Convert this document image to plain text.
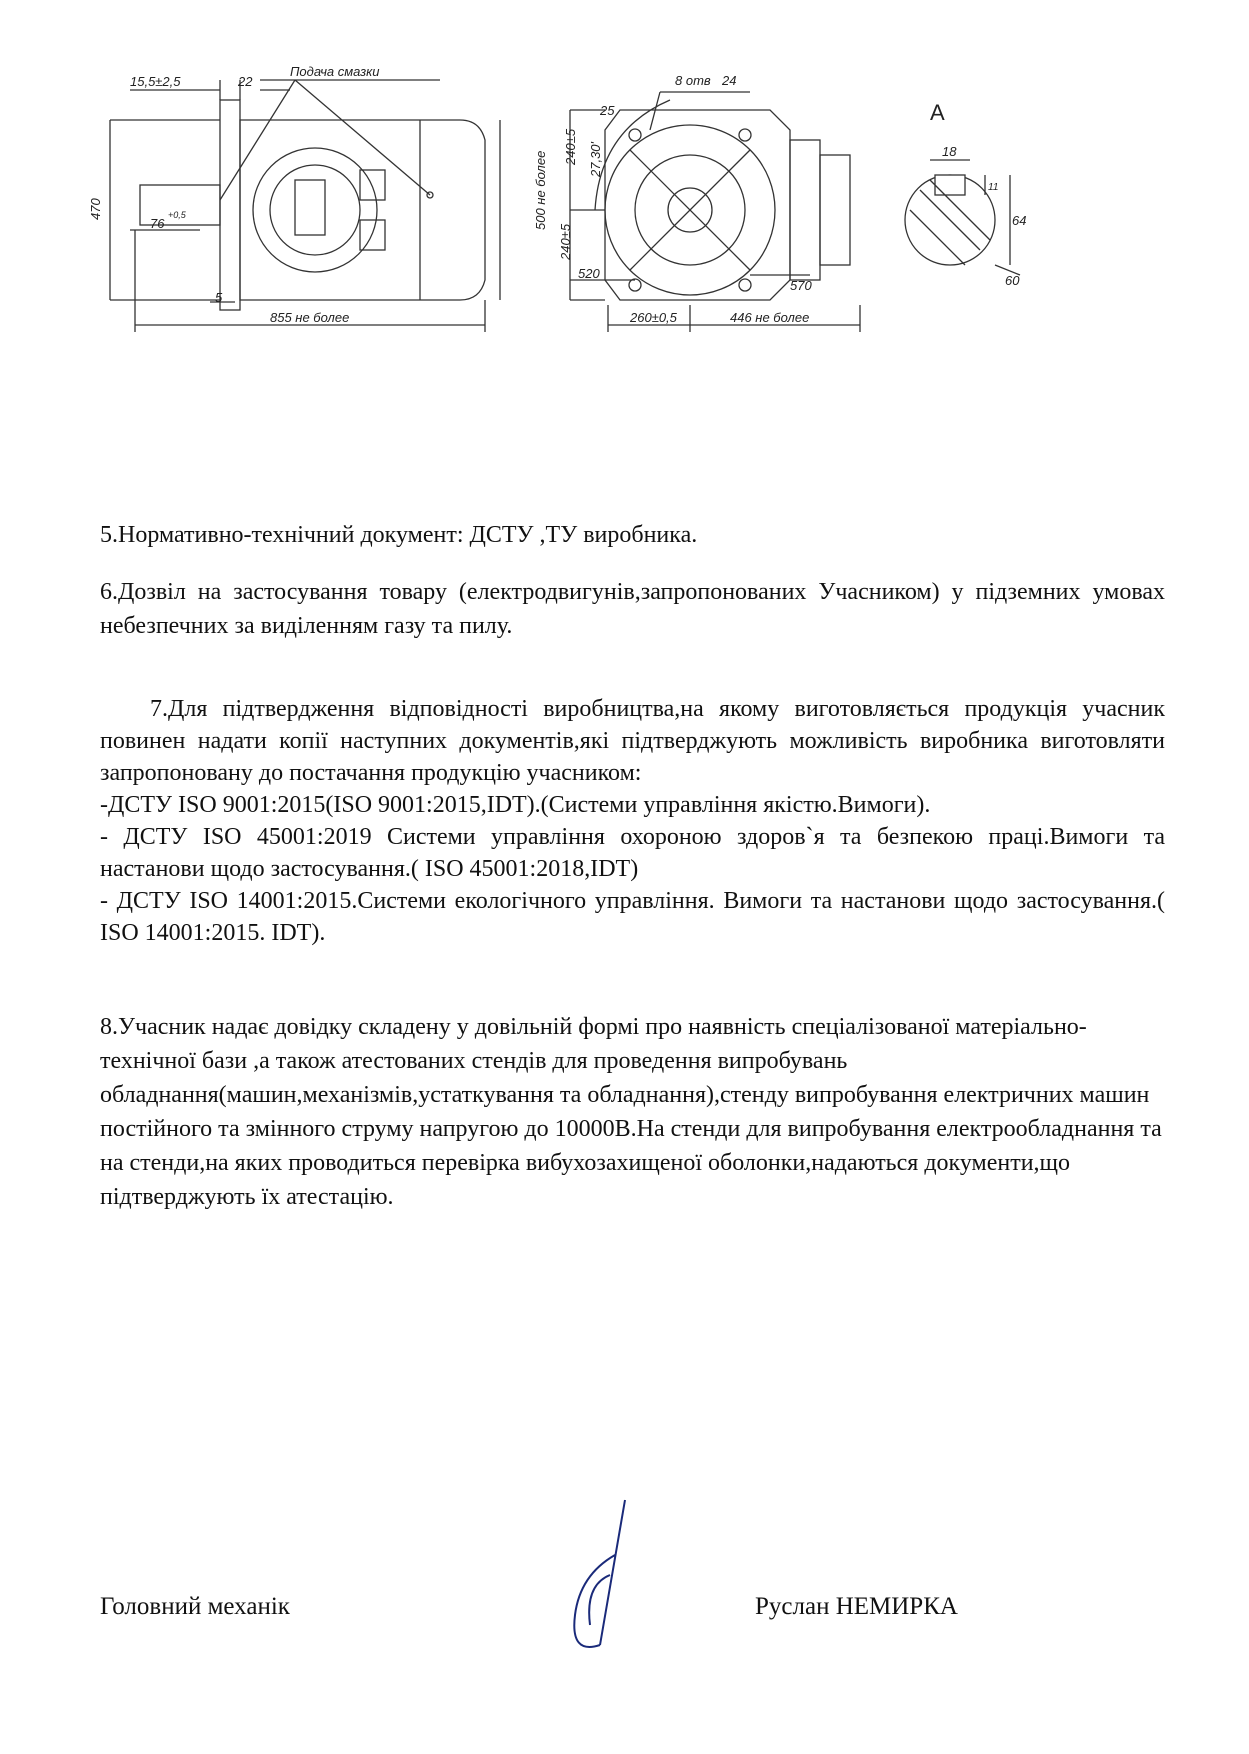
15,5±2,5	22
Подача смазки
470
76
+0,5	500 не более
5
855 не более
8 отв 24
25
27,30'
240±5
240±5
520
570
260±0,5	446 не более
А
18
11
64
60

5.Нормативно-технічний документ: ДСТУ ,ТУ виробника.

6.Дозвіл на застосування товару (електродвигунів,запропонованих Учасником) у підземних умовах небезпечних за виділенням газу та пилу.

7.Для підтвердження відповідності виробництва,на якому виготовляється продукція учасник повинен надати копії наступних документів,які підтверджують можливість виробника виготовляти запропоновану до постачання продукцію учасником:

-ДСТУ ISO 9001:2015(ISO 9001:2015,IDT).(Системи управління якістю.Вимоги).

- ДСТУ ISO 45001:2019 Системи управління охороною здоров`я та безпекою праці.Вимоги та настанови щодо застосування.( ISO 45001:2018,IDT)

- ДСТУ ISO 14001:2015.Системи екологічного управління. Вимоги та настанови щодо застосування.( ISO 14001:2015. IDT).

8.Учасник надає довідку складену у довільній формі про наявність спеціалізованої матеріально-технічної бази ,а також атестованих стендів для проведення випробувань обладнання(машин,механізмів,устаткування та обладнання),стенду випробування електричних машин постійного та змінного струму напругою до 10000В.На стенди для випробування електрообладнання та на стенди,на яких проводиться перевірка вибухозахищеної оболонки,надаються документи,що підтверджують їх атестацію.

Головний механік	Руслан НЕМИРКА
